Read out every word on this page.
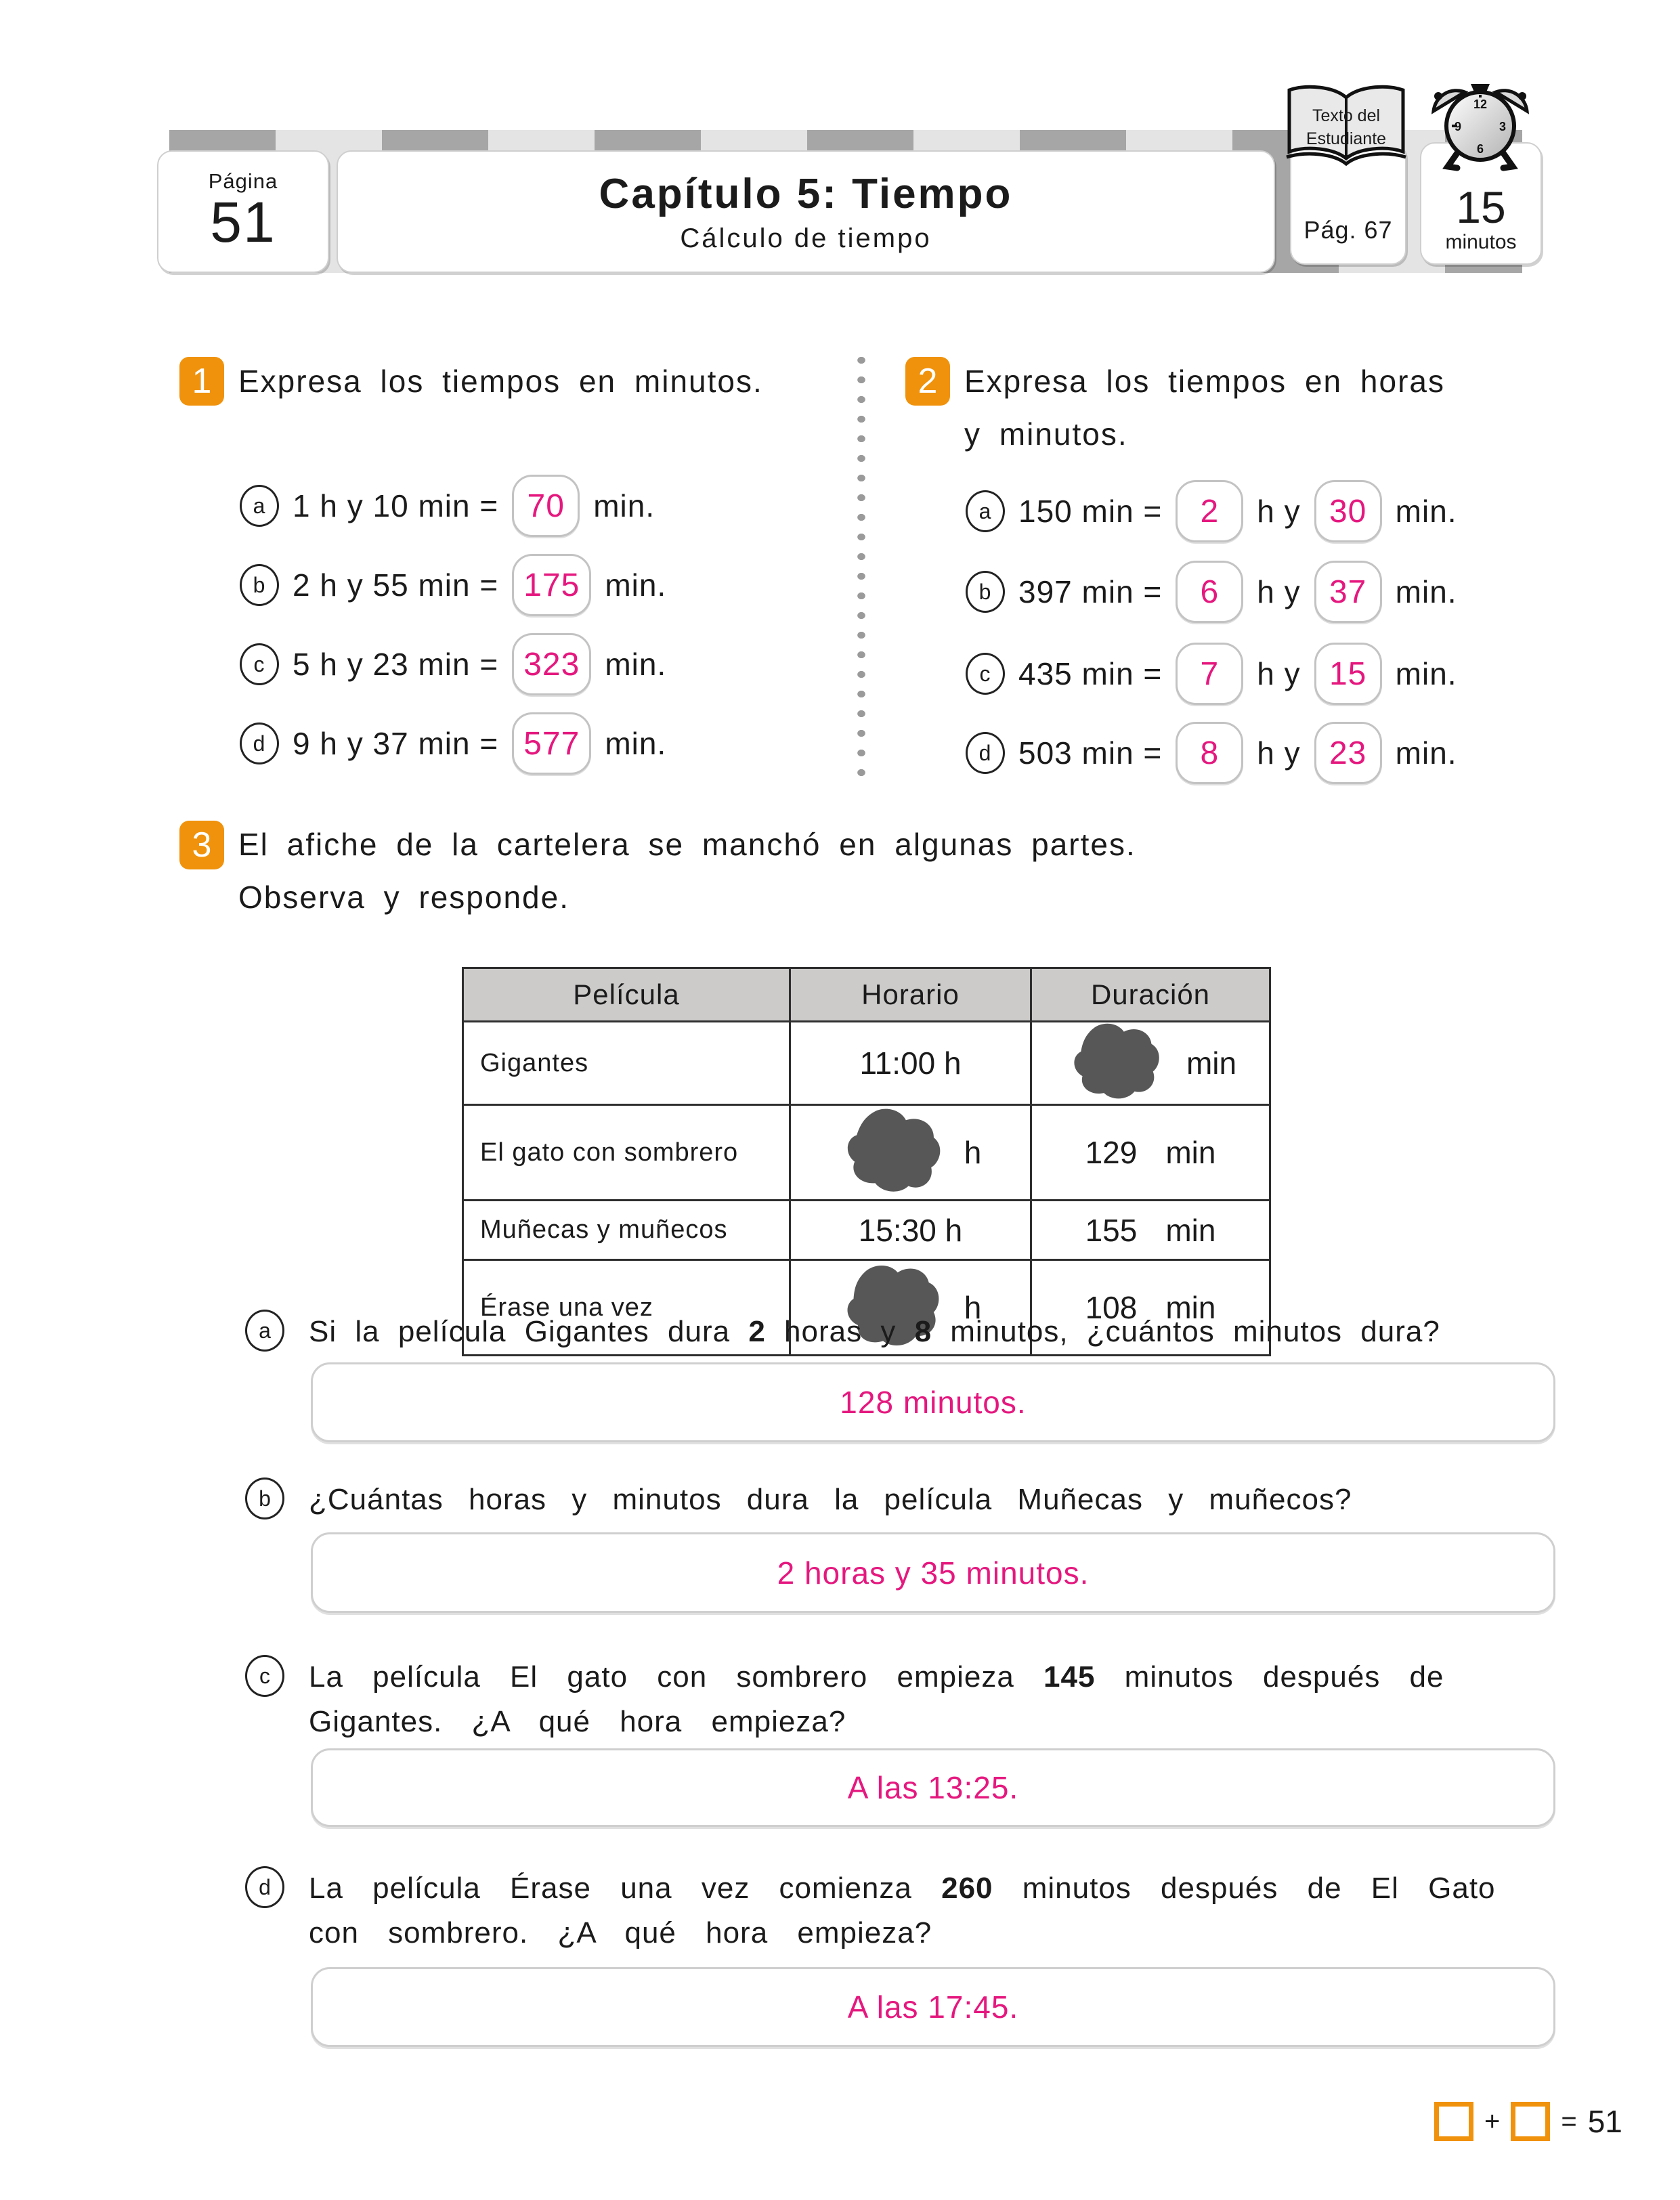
Página
51	Capítulo 5: Tiempo
Cálculo de tiempo	Pág. 67 15
minutos
Texto del
Estudiante
12
3
6
9
1 Expresa los tiempos en minutos.
a 1 h y 10 min = 70 min.
b 2 h y 55 min = 175 min.
c 5 h y 23 min = 323 min.
d 9 h y 37 min = 577 min.
2 Expresa los tiempos en horas
y minutos.
a 150 min =	2	h y 30 min.
b 397 min =	6	h y 37 min.
c 435 min =	7	h y 15 min.
d 503 min =	8	h y 23 min.
3 El afiche de la cartelera se manchó en algunas partes.
Observa y responde.
Película	Horario	Duración
Gigantes	11:00 h	min

El gato con sombrero	h	129 min

Muñecas y muñecos	15:30 h	155 min

Érase una vez	h	108 min
a	Si la película Gigantes dura 2 horas y 8 minutos, ¿cuántos minutos dura?
128 minutos.
b	¿Cuántas horas y minutos dura la película Muñecas y muñecos?
2 horas y 35 minutos.
c	La película El gato con sombrero empieza 145 minutos después de Gigantes. ¿A qué hora empieza?
A las 13:25.
d	La película Érase una vez comienza 260 minutos después de El Gato con sombrero. ¿A qué hora empieza?
A las 17:45.
+ = 51
